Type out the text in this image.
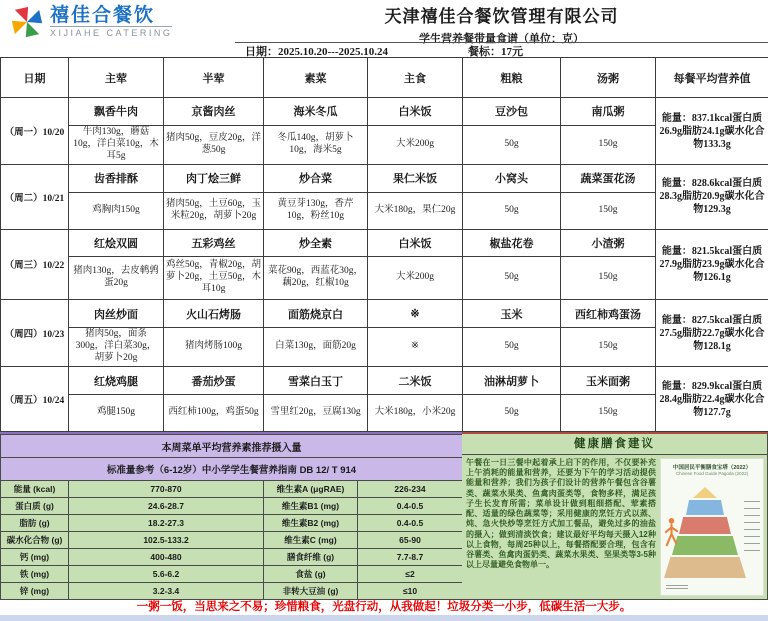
禧佳合餐饮
XIJIAHE CATERING
天津禧佳合餐饮管理有限公司
学生营养餐带量食谱（单位：克）
日期：2025.10.20---2025.10.24	餐标：17元
日期	主荤	半荤	素菜	主食	粗粮	汤粥	每餐平均营养值
（周一）10/20	飘香牛肉	京酱肉丝	海米冬瓜	白米饭	豆沙包	南瓜粥	能量：837.1kcal蛋白质26.9g脂肪24.1g碳水化合物133.3g
	牛肉130g，蘑菇10g，洋白菜10g，木耳5g	猪肉50g，豆皮20g，洋葱50g	冬瓜140g，胡萝卜10g，海米5g	大米200g	50g	150g	
（周二）10/21	齿香排酥	肉丁烩三鲜	炒合菜	果仁米饭	小窝头	蔬菜蛋花汤	能量：828.6kcal蛋白质28.3g脂肪20.9g碳水化合物129.3g
	鸡胸肉150g	猪肉50g，土豆60g，玉米粒20g，胡萝卜20g	黄豆芽130g，香芹10g，粉丝10g	大米180g，果仁20g	50g	150g	
（周三）10/22	红烩双圆	五彩鸡丝	炒全素	白米饭	椒盐花卷	小渣粥	能量：821.5kcal蛋白质27.9g脂肪23.9g碳水化合物126.1g
	猪肉130g，去皮鹌鹑蛋20g	鸡丝50g，青椒20g，胡萝卜20g，土豆50g，木耳10g	菜花90g，西蓝花30g，藕20g，红椒10g	大米200g	50g	150g	
（周四）10/23	肉丝炒面	火山石烤肠	面筋烧京白	※	玉米	西红柿鸡蛋汤	能量：827.5kcal蛋白质27.5g脂肪22.7g碳水化合物128.1g
	猪肉50g，面条300g，洋白菜30g，胡萝卜20g	猪肉烤肠100g	白菜130g，面筋20g	※	50g	150g	
（周五）10/24	红烧鸡腿	番茄炒蛋	雪菜白玉丁	二米饭	油淋胡萝卜	玉米面粥	能量：829.9kcal蛋白质28.4g脂肪22.4g碳水化合物127.7g
	鸡腿150g	西红柿100g，鸡蛋50g	雪里红20g，豆腐130g	大米180g，小米20g	50g	150g	
本周菜单平均营养素推荐摄入量			
标准量参考（6-12岁）中小学学生餐营养指南 DB 12/ T 914			
能量 (kcal)	770-870	维生素A (μgRAE)	226-234
蛋白质 (g)	24.6-28.7	维生素B1 (mg)	0.4-0.5
脂肪 (g)	18.2-27.3	维生素B2 (mg)	0.4-0.5
碳水化合物 (g)	102.5-133.2	维生素C (mg)	65-90
钙 (mg)	400-480	膳食纤维 (g)	7.7-8.7
铁 (mg)	5.6-6.2	食盐 (g)	≤2
锌 (mg)	3.2-3.4	非转大豆油 (g)	≤10
健康膳食建议
午餐在一日三餐中起着承上启下的作用，不仅要补充上午消耗的能量和营养，还要为下午的学习活动提供能量和营养；我们为孩子们设计的营养午餐包含谷薯类、蔬菜水果类、鱼禽肉蛋类等，食物多样，满足孩子生长发育所需；菜单设计做到粗细搭配、荤素搭配、适量的绿色蔬菜等；采用健康的烹饪方式以蒸、炖、急火快炒等烹饪方式加工餐品，避免过多的油盐的摄入；做到清淡饮食；建议最好平均每天摄入12种以上食物，每周25种以上，每餐搭配要合理，包含有谷薯类、鱼禽肉蛋奶类、蔬菜水果类、坚果类等3-5种以上尽量避免食物单一。
中国居民平衡膳食宝塔（2022）
Chinese Food Guide Pagoda (2022)
一粥一饭，当思来之不易；珍惜粮食，光盘行动，从我做起！垃圾分类一小步，低碳生活一大步。
